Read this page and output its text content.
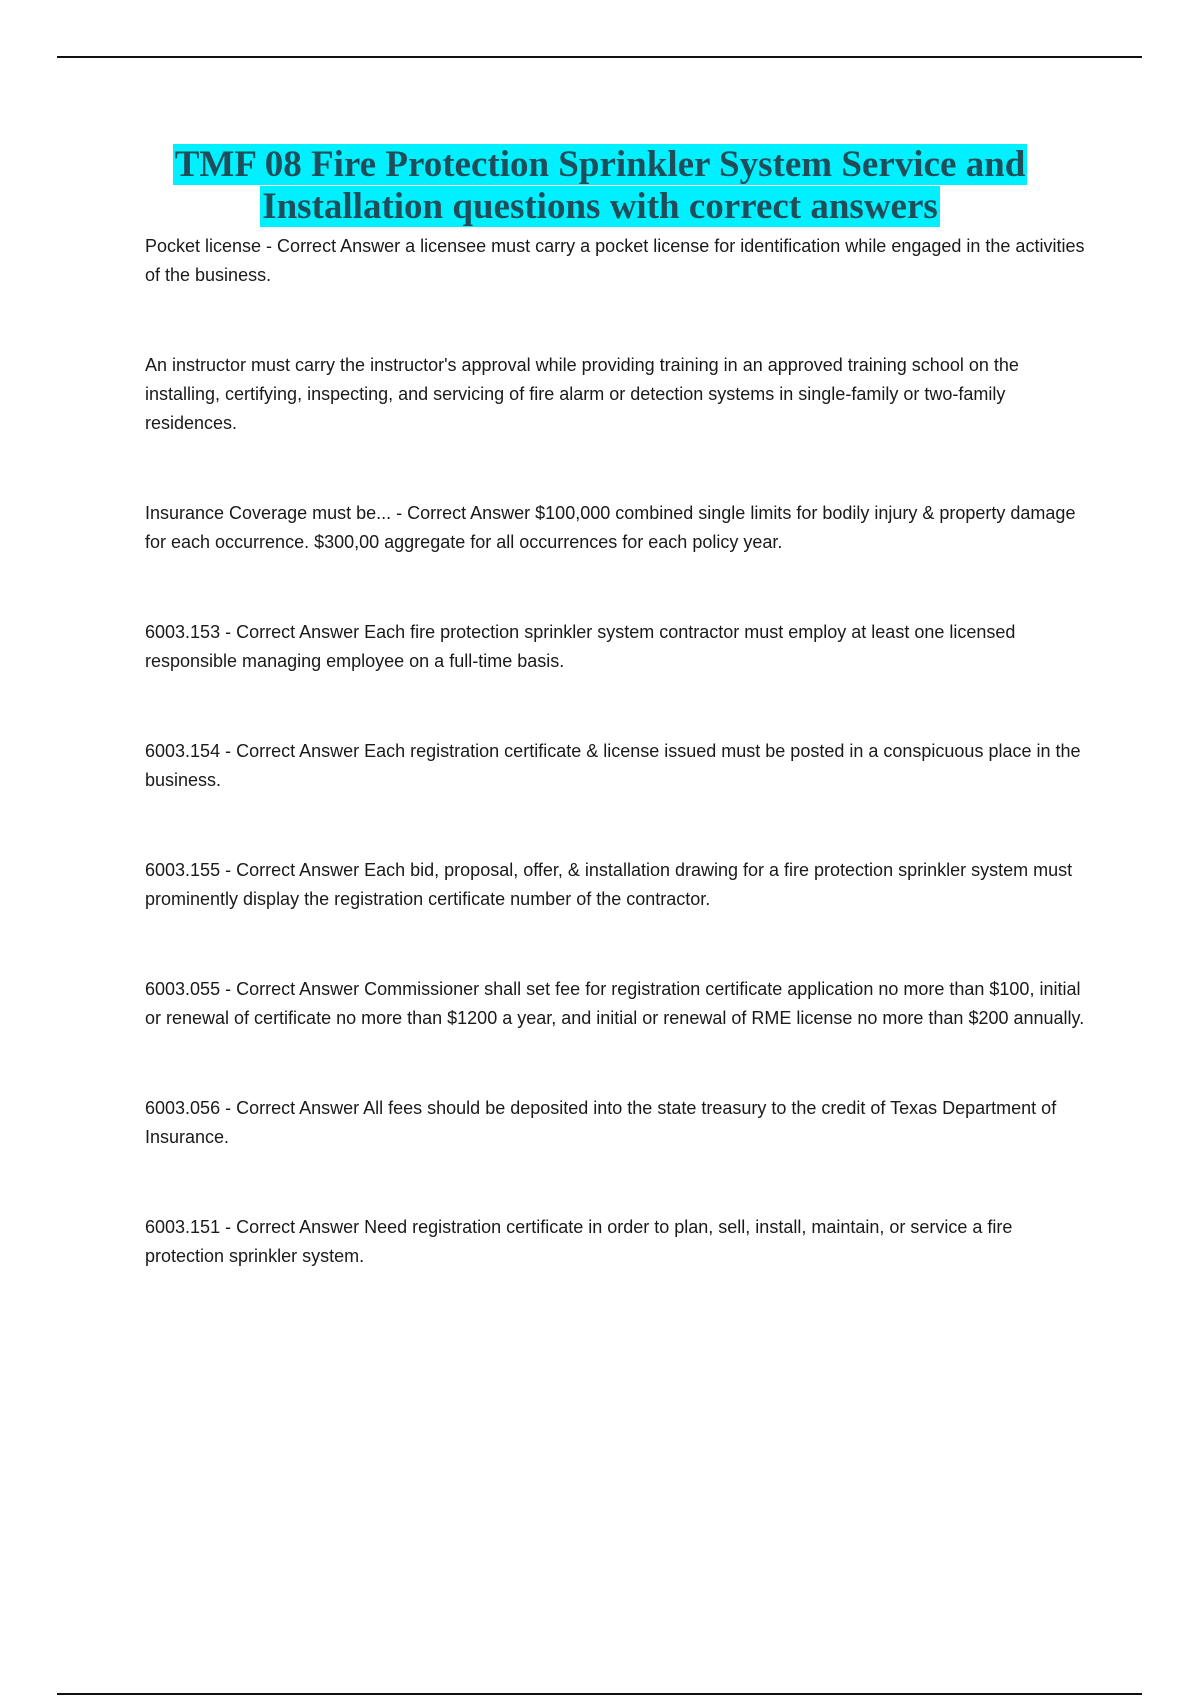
TMF 08 Fire Protection Sprinkler System Service and Installation questions with correct answers

Pocket license - Correct Answer a licensee must carry a pocket license for identification while engaged in the activities of the business.

An instructor must carry the instructor's approval while providing training in an approved training school on the installing, certifying, inspecting, and servicing of fire alarm or detection systems in single-family or two-family residences.

Insurance Coverage must be... - Correct Answer $100,000 combined single limits for bodily injury & property damage for each occurrence. $300,00 aggregate for all occurrences for each policy year.

6003.153 - Correct Answer Each fire protection sprinkler system contractor must employ at least one licensed responsible managing employee on a full-time basis.

6003.154 - Correct Answer Each registration certificate & license issued must be posted in a conspicuous place in the business.

6003.155 - Correct Answer Each bid, proposal, offer, & installation drawing for a fire protection sprinkler system must prominently display the registration certificate number of the contractor.

6003.055 - Correct Answer Commissioner shall set fee for registration certificate application no more than $100, initial or renewal of certificate no more than $1200 a year, and initial or renewal of RME license no more than $200 annually.

6003.056 - Correct Answer All fees should be deposited into the state treasury to the credit of Texas Department of Insurance.

6003.151 - Correct Answer Need registration certificate in order to plan, sell, install, maintain, or service a fire protection sprinkler system.
